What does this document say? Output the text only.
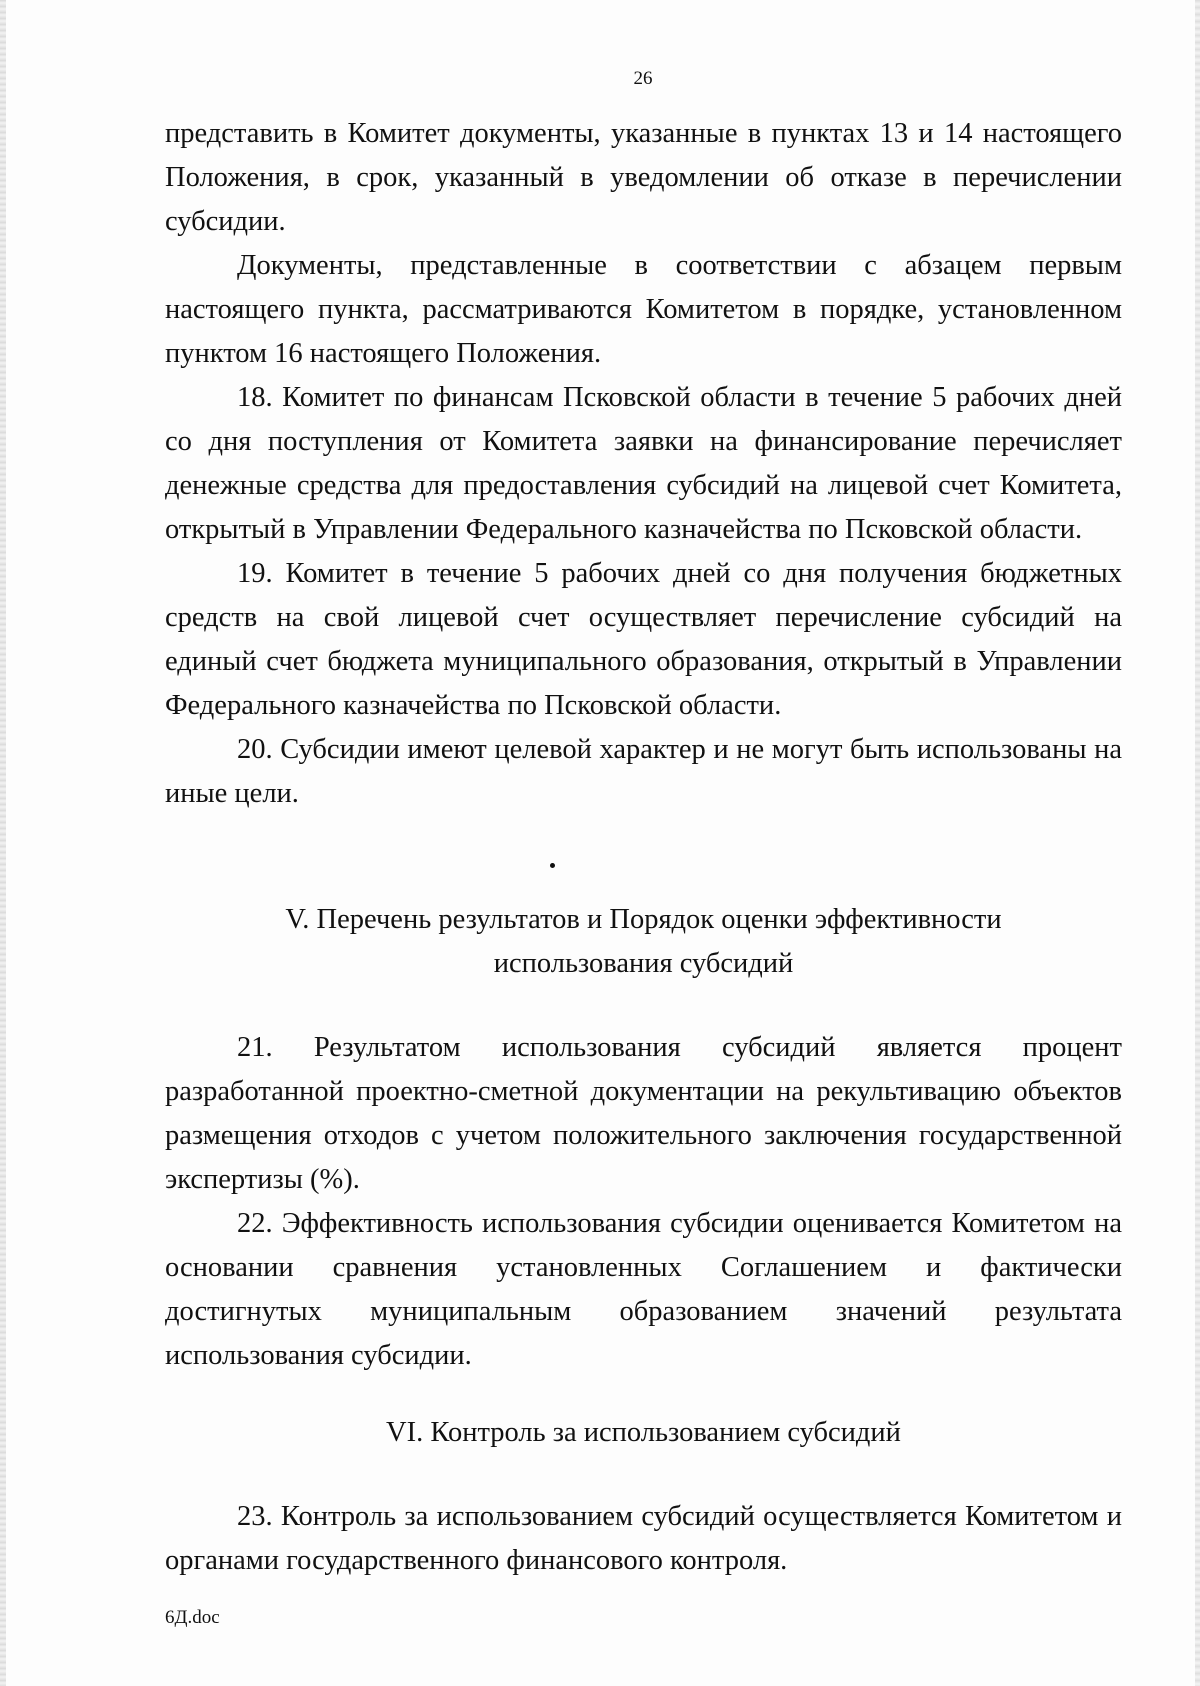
26

представить в Комитет документы, указанные в пунктах 13 и 14 настоящего Положения, в срок, указанный в уведомлении об отказе в перечислении субсидии.

Документы, представленные в соответствии с абзацем первым настоящего пункта, рассматриваются Комитетом в порядке, установленном пунктом 16 настоящего Положения.

18. Комитет по финансам Псковской области в течение 5 рабочих дней со дня поступления от Комитета заявки на финансирование перечисляет денежные средства для предоставления субсидий на лицевой счет Комитета, открытый в Управлении Федерального казначейства по Псковской области.

19. Комитет в течение 5 рабочих дней со дня получения бюджетных средств на свой лицевой счет осуществляет перечисление субсидий на единый счет бюджета муниципального образования, открытый в Управлении Федерального казначейства по Псковской области.

20. Субсидии имеют целевой характер и не могут быть использованы на иные цели.

V. Перечень результатов и Порядок оценки эффективности

использования субсидий

21. Результатом использования субсидий является процент разработанной проектно-сметной документации на рекультивацию объектов размещения отходов с учетом положительного заключения государственной экспертизы (%).

22. Эффективность использования субсидии оценивается Комитетом на основании сравнения установленных Соглашением и фактически достигнутых муниципальным образованием значений результата использования субсидии.

VI. Контроль за использованием субсидий

23. Контроль за использованием субсидий осуществляется Комитетом и органами государственного финансового контроля.

6Д.doc
